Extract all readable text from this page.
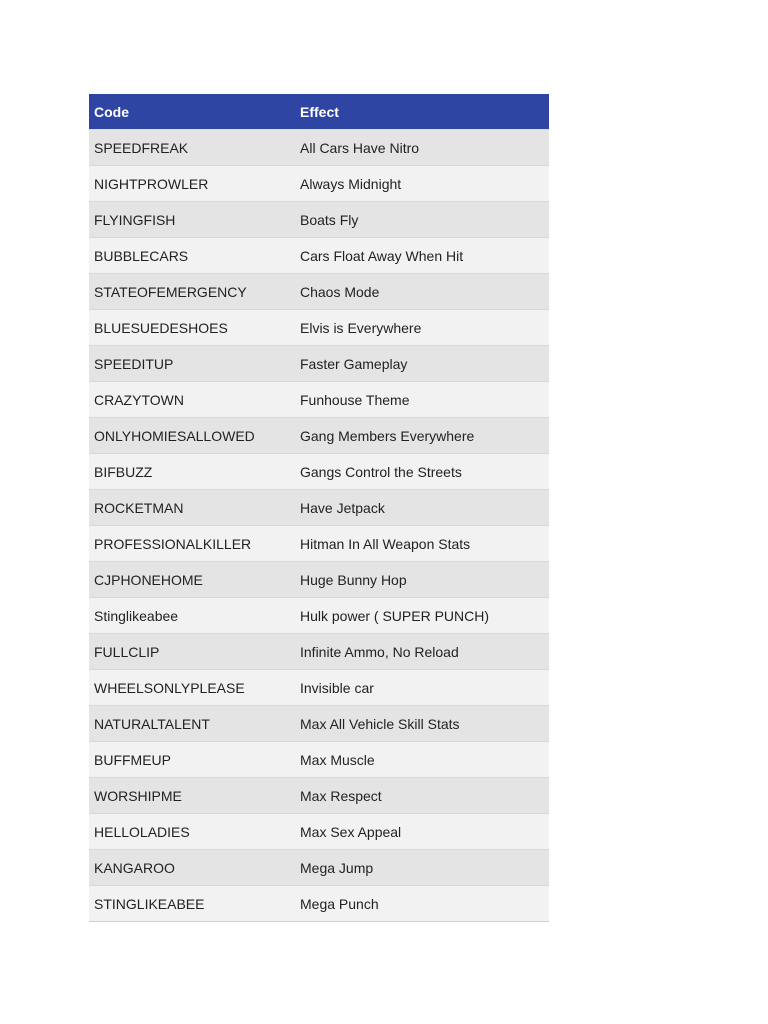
Code	Effect
SPEEDFREAK	All Cars Have Nitro
NIGHTPROWLER	Always Midnight
FLYINGFISH	Boats Fly
BUBBLECARS	Cars Float Away When Hit
STATEOFEMERGENCY	Chaos Mode
BLUESUEDESHOES	Elvis is Everywhere
SPEEDITUP	Faster Gameplay
CRAZYTOWN	Funhouse Theme
ONLYHOMIESALLOWED	Gang Members Everywhere
BIFBUZZ	Gangs Control the Streets
ROCKETMAN	Have Jetpack
PROFESSIONALKILLER	Hitman In All Weapon Stats
CJPHONEHOME	Huge Bunny Hop
Stinglikeabee	Hulk power ( SUPER PUNCH)
FULLCLIP	Infinite Ammo, No Reload
WHEELSONLYPLEASE	Invisible car
NATURALTALENT	Max All Vehicle Skill Stats
BUFFMEUP	Max Muscle
WORSHIPME	Max Respect
HELLOLADIES	Max Sex Appeal
KANGAROO	Mega Jump
STINGLIKEABEE	Mega Punch
